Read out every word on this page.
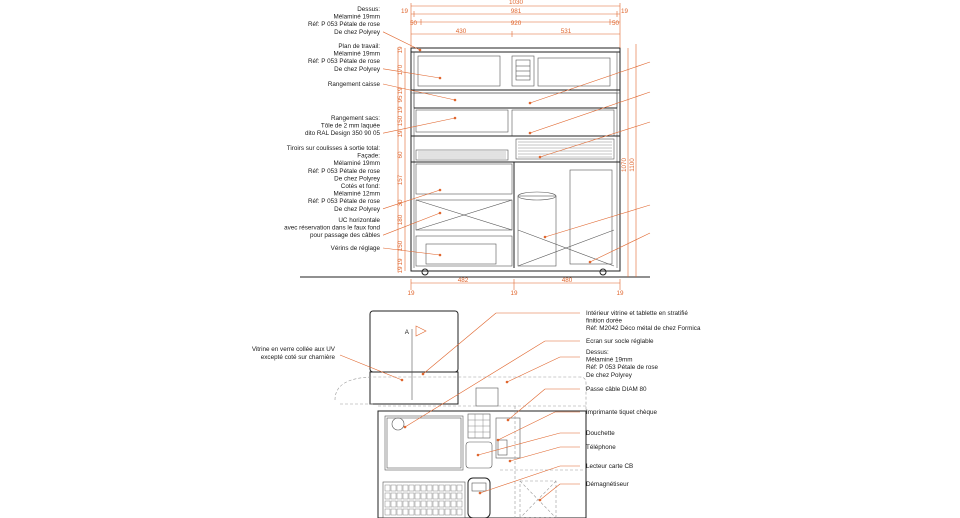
Dessus:
Mélaminé 19mm
Réf: P 053 Pétale de rose
De chez Polyrey
Plan de travail:
Mélaminé 19mm
Réf: P 053 Pétale de rose
De chez Polyrey
Rangement caisse
Rangement sacs:
Tôle de 2 mm laquée
dito RAL Design 350 90 05
Tiroirs sur coulisses à sortie total:
Façade:
Mélaminé 19mm
Réf: P 053 Pétale de rose
De chez Polyrey
Cotés et fond:
Mélaminé 12mm
Réf: P 053 Pétale de rose
De chez Polyrey
UC horizontale
avec réservation dans le faux fond
pour passage des câbles
Vérins de réglage
1030
19	981	19
50	920	50
430	531
19
170
19
95
19
150
19
60
157
30
180
150
19
19
1070 1100
19
482
19
480
19
A
Vitrine en verre collée aux UV
excepté coté sur charnière
Intérieur vitrine et tablette en stratifié
finition dorée
Réf: M2042 Déco métal de chez Formica
Ecran sur socle réglable
Dessus:
Mélaminé 19mm
Réf: P 053 Pétale de rose
De chez Polyrey
Passe câble DIAM 80
Imprimante tiquet chèque
Douchette
Téléphone
Lecteur carte CB
Démagnétiseur
